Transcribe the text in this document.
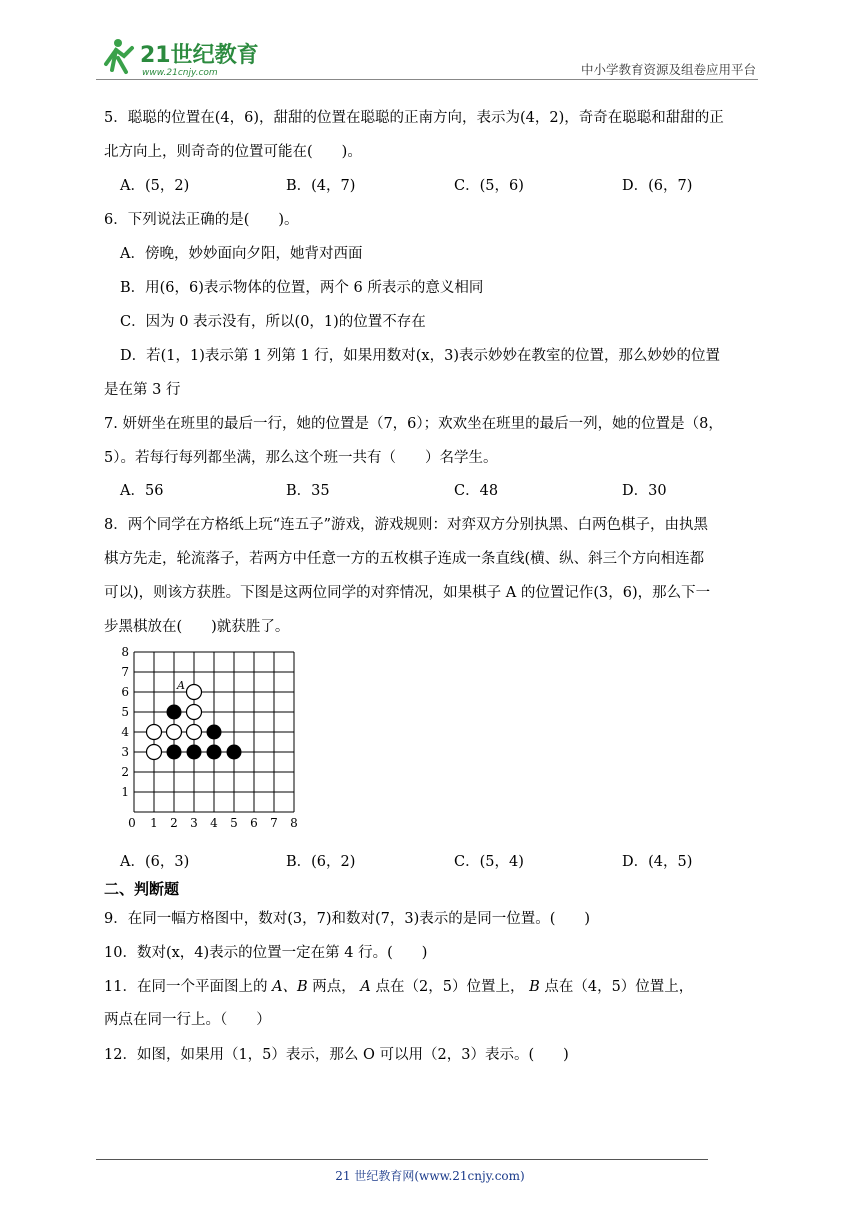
21世纪教育
www.21cnjy.com	中小学教育资源及组卷应用平台
5．聪聪的位置在(4，6)，甜甜的位置在聪聪的正南方向，表示为(4，2)，奇奇在聪聪和甜甜的正
北方向上，则奇奇的位置可能在(　　)。
A．(5，2)	B．(4，7)	C．(5，6)	D．(6，7)
6．下列说法正确的是(　　)。
A．傍晚，妙妙面向夕阳，她背对西面
B．用(6，6)表示物体的位置，两个 6 所表示的意义相同
C．因为 0 表示没有，所以(0，1)的位置不存在
D．若(1，1)表示第 1 列第 1 行，如果用数对(x，3)表示妙妙在教室的位置，那么妙妙的位置
是在第 3 行
7. 妍妍坐在班里的最后一行，她的位置是（7，6）；欢欢坐在班里的最后一列，她的位置是（8，
5）。若每行每列都坐满，那么这个班一共有（　　）名学生。
A．56	B．35	C．48	D．30
8．两个同学在方格纸上玩“连五子”游戏，游戏规则：对弈双方分别执黑、白两色棋子，由执黑
棋方先走，轮流落子，若两方中任意一方的五枚棋子连成一条直线(横、纵、斜三个方向相连都
可以)，则该方获胜。下图是这两位同学的对弈情况，如果棋子 A 的位置记作(3，6)，那么下一
步黑棋放在(　　)就获胜了。
1
2
3
4
5
6
7
8
0 1 2 3 4 5 6 7 8
A
A．(6，3)	B．(6，2)	C．(5，4)	D．(4，5)
二、判断题
9．在同一幅方格图中，数对(3，7)和数对(7，3)表示的是同一位置。(　　)
10．数对(x，4)表示的位置一定在第 4 行。(　　)
11．在同一个平面图上的 A、B 两点， A 点在（2，5）位置上， B 点在（4，5）位置上，
两点在同一行上。（　　）
12．如图，如果用（1，5）表示，那么 O 可以用（2，3）表示。(　　)
21 世纪教育网(www.21cnjy.com)
